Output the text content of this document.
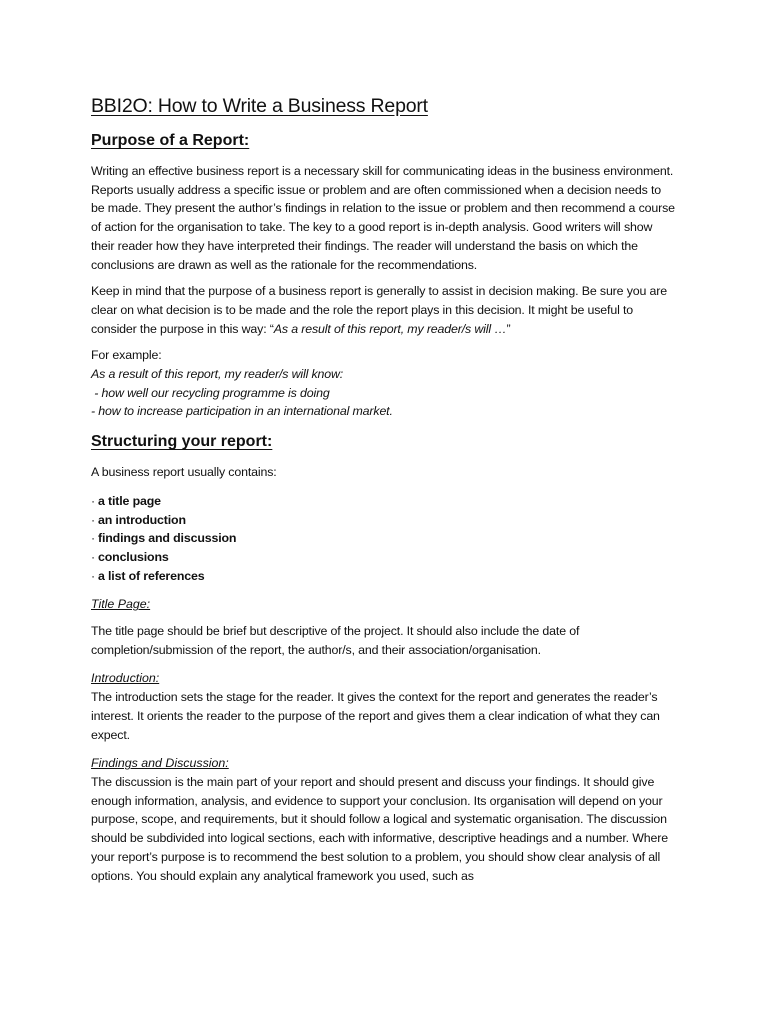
BBI2O: How to Write a Business Report
Purpose of a Report:

Writing an effective business report is a necessary skill for communicating ideas in the business environment. Reports usually address a specific issue or problem and are often commissioned when a decision needs to be made. They present the author’s findings in relation to the issue or problem and then recommend a course of action for the organisation to take. The key to a good report is in-depth analysis. Good writers will show their reader how they have interpreted their findings. The reader will understand the basis on which the conclusions are drawn as well as the rationale for the recommendations.

Keep in mind that the purpose of a business report is generally to assist in decision making. Be sure you are clear on what decision is to be made and the role the report plays in this decision. It might be useful to consider the purpose in this way: “As a result of this report, my reader/s will …”

For example:
As a result of this report, my reader/s will know:
- how well our recycling programme is doing
- how to increase participation in an international market.

Structuring your report:

A business report usually contains:

· a title page
· an introduction
· findings and discussion
· conclusions
· a list of references
Title Page:

The title page should be brief but descriptive of the project. It should also include the date of completion/submission of the report, the author/s, and their association/organisation.

Introduction:

The introduction sets the stage for the reader. It gives the context for the report and generates the reader’s interest. It orients the reader to the purpose of the report and gives them a clear indication of what they can expect.

Findings and Discussion:

The discussion is the main part of your report and should present and discuss your findings. It should give enough information, analysis, and evidence to support your conclusion. Its organisation will depend on your purpose, scope, and requirements, but it should follow a logical and systematic organisation. The discussion should be subdivided into logical sections, each with informative, descriptive headings and a number. Where your report’s purpose is to recommend the best solution to a problem, you should show clear analysis of all options. You should explain any analytical framework you used, such as
